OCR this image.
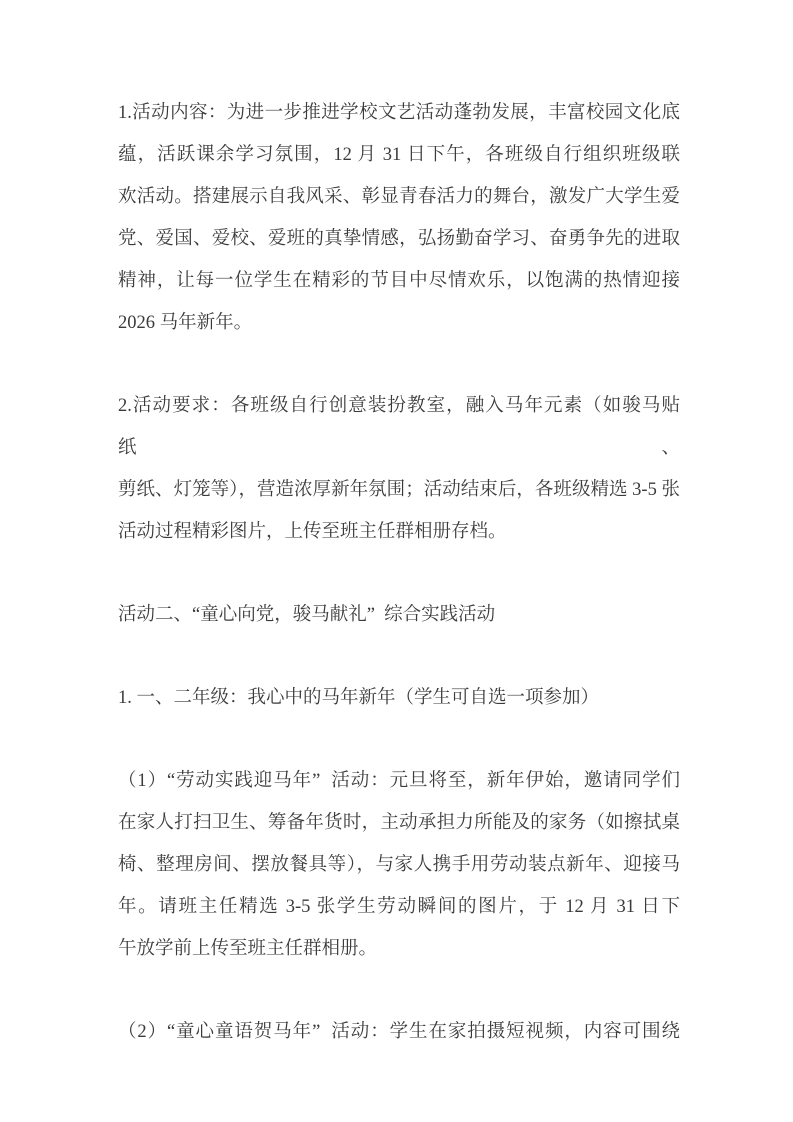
1.活动内容：为进一步推进学校文艺活动蓬勃发展，丰富校园文化底
蕴，活跃课余学习氛围，12 月 31 日下午，各班级自行组织班级联
欢活动。搭建展示自我风采、彰显青春活力的舞台，激发广大学生爱
党、爱国、爱校、爱班的真挚情感，弘扬勤奋学习、奋勇争先的进取
精神，让每一位学生在精彩的节目中尽情欢乐，以饱满的热情迎接
2026 马年新年。
2.活动要求：各班级自行创意装扮教室，融入马年元素（如骏马贴纸、
剪纸、灯笼等），营造浓厚新年氛围；活动结束后，各班级精选 3-5 张
活动过程精彩图片，上传至班主任群相册存档。
活动二、“童心向党，骏马献礼”  综合实践活动
1. 一、二年级：我心中的马年新年（学生可自选一项参加）
（1）“劳动实践迎马年”  活动：元旦将至，新年伊始，邀请同学们
在家人打扫卫生、筹备年货时，主动承担力所能及的家务（如擦拭桌
椅、整理房间、摆放餐具等），与家人携手用劳动装点新年、迎接马
年。请班主任精选 3-5 张学生劳动瞬间的图片，于 12 月 31 日下
午放学前上传至班主任群相册。
（2）“童心童语贺马年”  活动：学生在家拍摄短视频，内容可围绕
